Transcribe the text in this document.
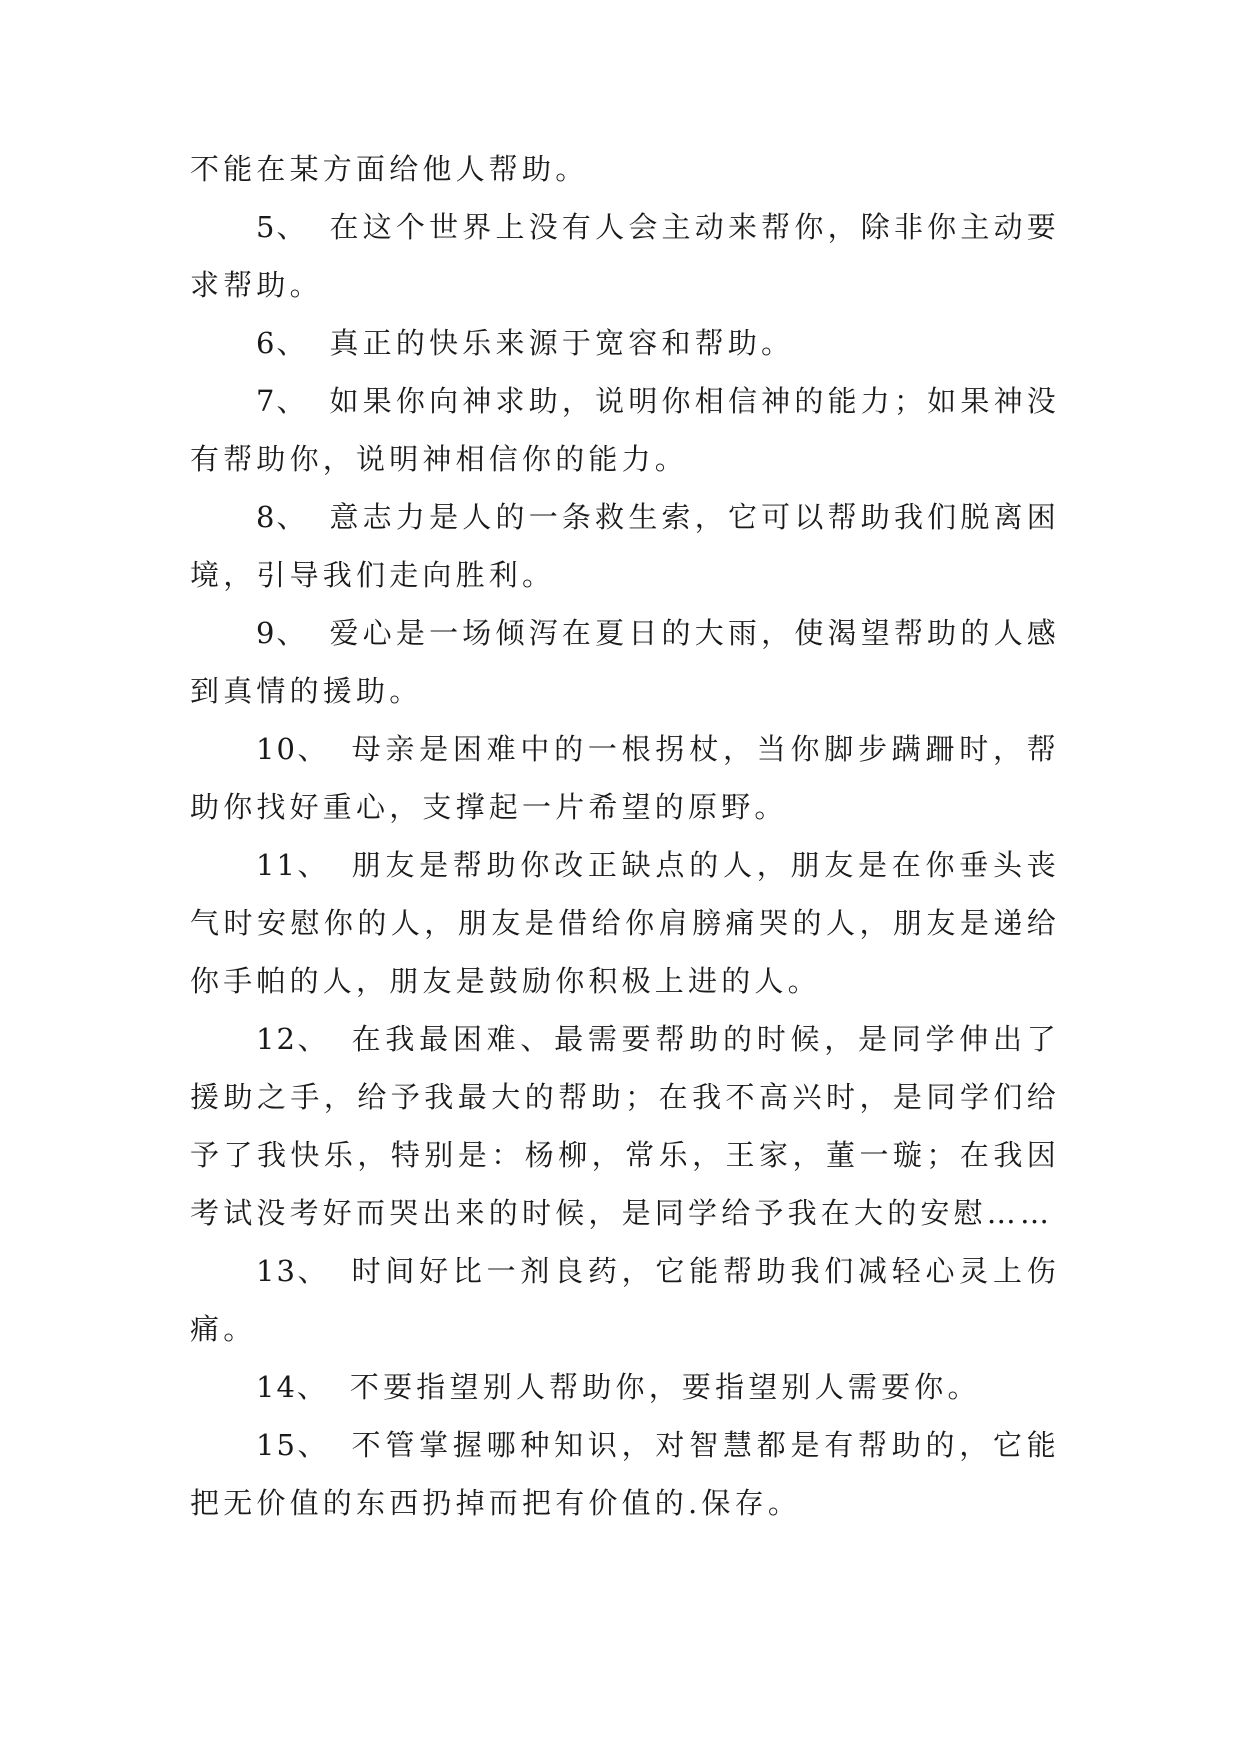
不能在某方面给他人帮助。

5、 在这个世界上没有人会主动来帮你，除非你主动要求帮助。

6、 真正的快乐来源于宽容和帮助。

7、 如果你向神求助，说明你相信神的能力；如果神没有帮助你，说明神相信你的能力。

8、 意志力是人的一条救生索，它可以帮助我们脱离困境，引导我们走向胜利。

9、 爱心是一场倾泻在夏日的大雨，使渴望帮助的人感到真情的援助。

10、 母亲是困难中的一根拐杖，当你脚步蹒跚时，帮助你找好重心，支撑起一片希望的原野。

11、 朋友是帮助你改正缺点的人，朋友是在你垂头丧气时安慰你的人，朋友是借给你肩膀痛哭的人，朋友是递给你手帕的人，朋友是鼓励你积极上进的人。

12、 在我最困难、最需要帮助的时候，是同学伸出了援助之手，给予我最大的帮助；在我不高兴时，是同学们给予了我快乐，特别是：杨柳，常乐，王家，董一璇；在我因考试没考好而哭出来的时候，是同学给予我在大的安慰……

13、 时间好比一剂良药，它能帮助我们减轻心灵上伤痛。

14、 不要指望别人帮助你，要指望别人需要你。

15、 不管掌握哪种知识，对智慧都是有帮助的，它能把无价值的东西扔掉而把有价值的.保存。
